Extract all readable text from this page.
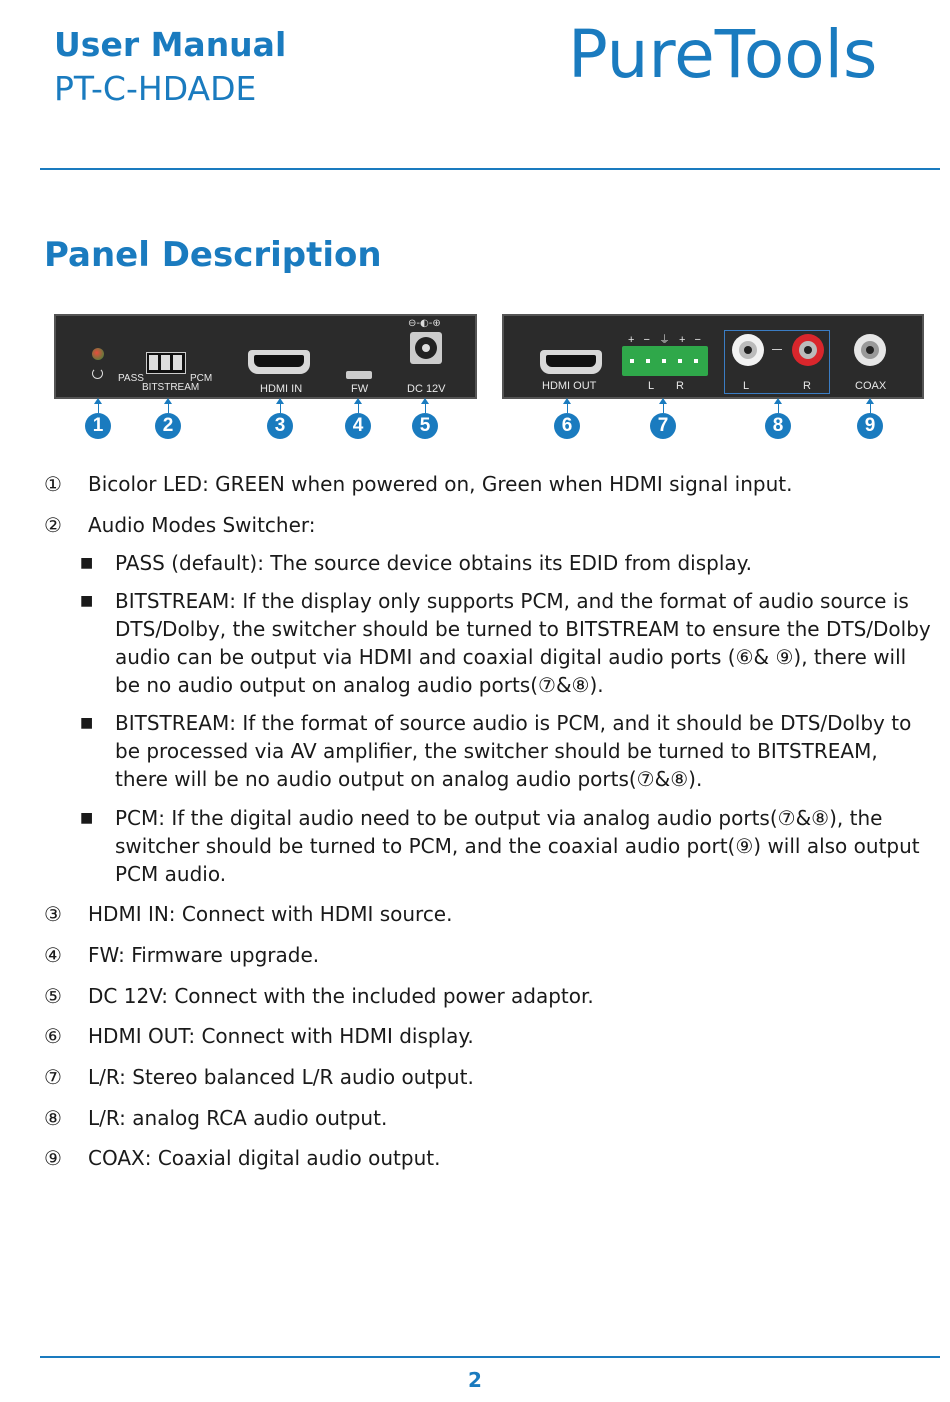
User Manual
PT-C-HDADE	PureTools
Panel Description
PASS	PCM
BITSTREAM	HDMI IN	FW
⊖-◐-⊕
DC 12V	HDMI OUT
+ − ⏚ + −
L R	L	R	COAX
1	2	3	4	5	6	7	8	9
① Bicolor LED: GREEN when powered on, Green when HDMI signal input.
② Audio Modes Switcher:
■ PASS (default): The source device obtains its EDID from display.
■ BITSTREAM: If the display only supports PCM, and the format of audio source is DTS/Dolby, the switcher should be turned to BITSTREAM to ensure the DTS/Dolby audio can be output via HDMI and coaxial digital audio ports (⑥& ⑨), there will be no audio output on analog audio ports(⑦&⑧).
■ BITSTREAM: If the format of source audio is PCM, and it should be DTS/Dolby to be processed via AV amplifier, the switcher should be turned to BITSTREAM, there will be no audio output on analog audio ports(⑦&⑧).
■ PCM: If the digital audio need to be output via analog audio ports(⑦&⑧), the switcher should be turned to PCM, and the coaxial audio port(⑨) will also output PCM audio.
③ HDMI IN: Connect with HDMI source.
④ FW: Firmware upgrade.
⑤ DC 12V: Connect with the included power adaptor.
⑥ HDMI OUT: Connect with HDMI display.
⑦ L/R: Stereo balanced L/R audio output.
⑧ L/R: analog RCA audio output.
⑨ COAX: Coaxial digital audio output.
2
